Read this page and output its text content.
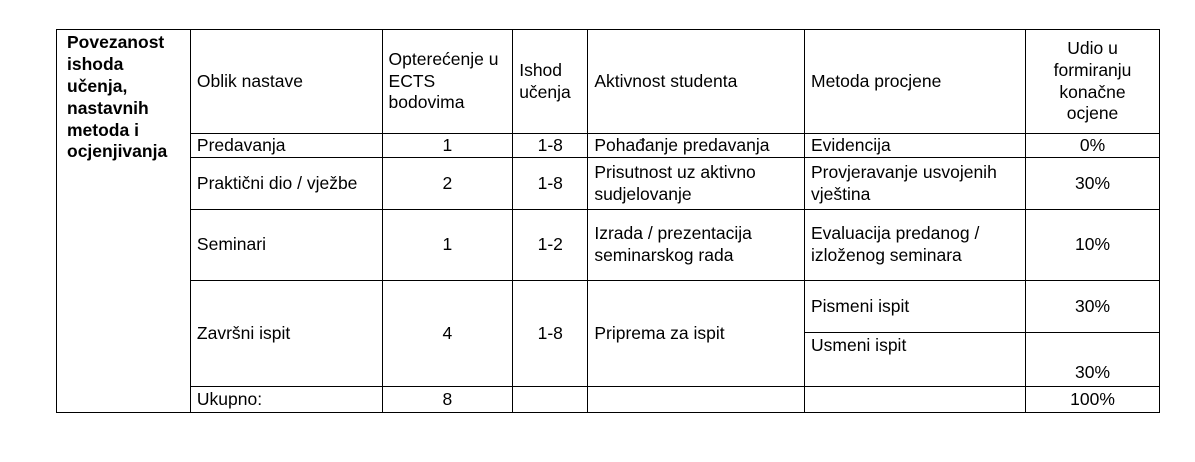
Povezanost ishoda učenja, nastavnih metoda i ocjenjivanja	Oblik nastave	Opterećenje u ECTS bodovima	Ishod učenja	Aktivnost studenta	Metoda procjene	Udio u formiranju konačne ocjene
	Predavanja	1	1-8	Pohađanje predavanja	Evidencija	0%
	Praktični dio / vježbe	2	1-8	Prisutnost uz aktivno sudjelovanje	Provjeravanje usvojenih vještina	30%
	Seminari	1	1-2	Izrada / prezentacija seminarskog rada	Evaluacija predanog / izloženog seminara	10%
	Završni ispit	4	1-8	Priprema za ispit	Pismeni ispit	30%
					Usmeni ispit	30%
	Ukupno:	8				100%
